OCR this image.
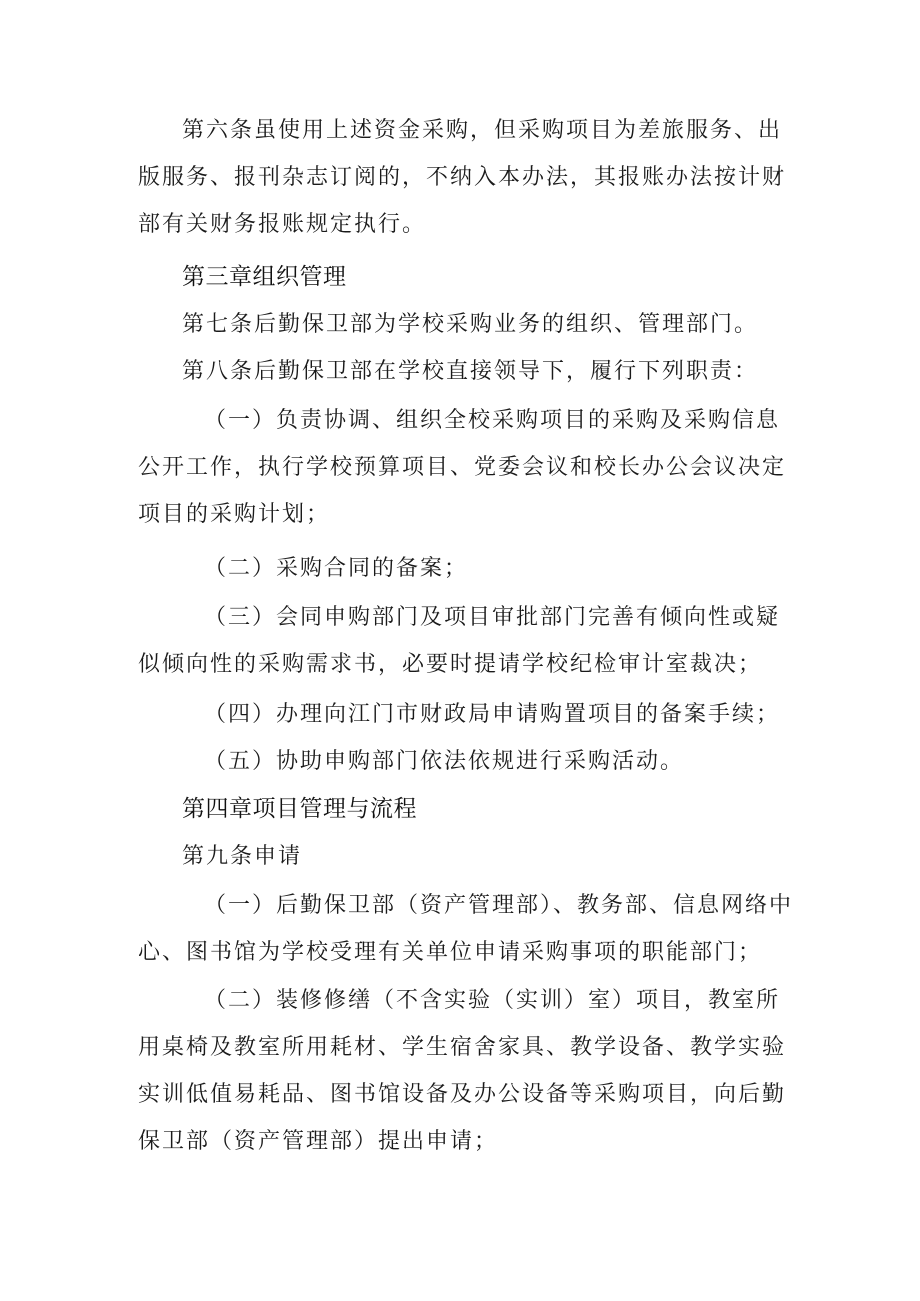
第六条虽使用上述资金采购，但采购项目为差旅服务、出版服务、报刊杂志订阅的，不纳入本办法，其报账办法按计财部有关财务报账规定执行。

第三章组织管理

第七条后勤保卫部为学校采购业务的组织、管理部门。

第八条后勤保卫部在学校直接领导下，履行下列职责：

（一）负责协调、组织全校采购项目的采购及采购信息公开工作，执行学校预算项目、党委会议和校长办公会议决定项目的采购计划；

（二）采购合同的备案；

（三）会同申购部门及项目审批部门完善有倾向性或疑似倾向性的采购需求书，必要时提请学校纪检审计室裁决；

（四）办理向江门市财政局申请购置项目的备案手续；

（五）协助申购部门依法依规进行采购活动。

第四章项目管理与流程

第九条申请

（一）后勤保卫部（资产管理部）、教务部、信息网络中心、图书馆为学校受理有关单位申请采购事项的职能部门；

（二）装修修缮（不含实验（实训）室）项目，教室所用桌椅及教室所用耗材、学生宿舍家具、教学设备、教学实验实训低值易耗品、图书馆设备及办公设备等采购项目，向后勤保卫部（资产管理部）提出申请；
